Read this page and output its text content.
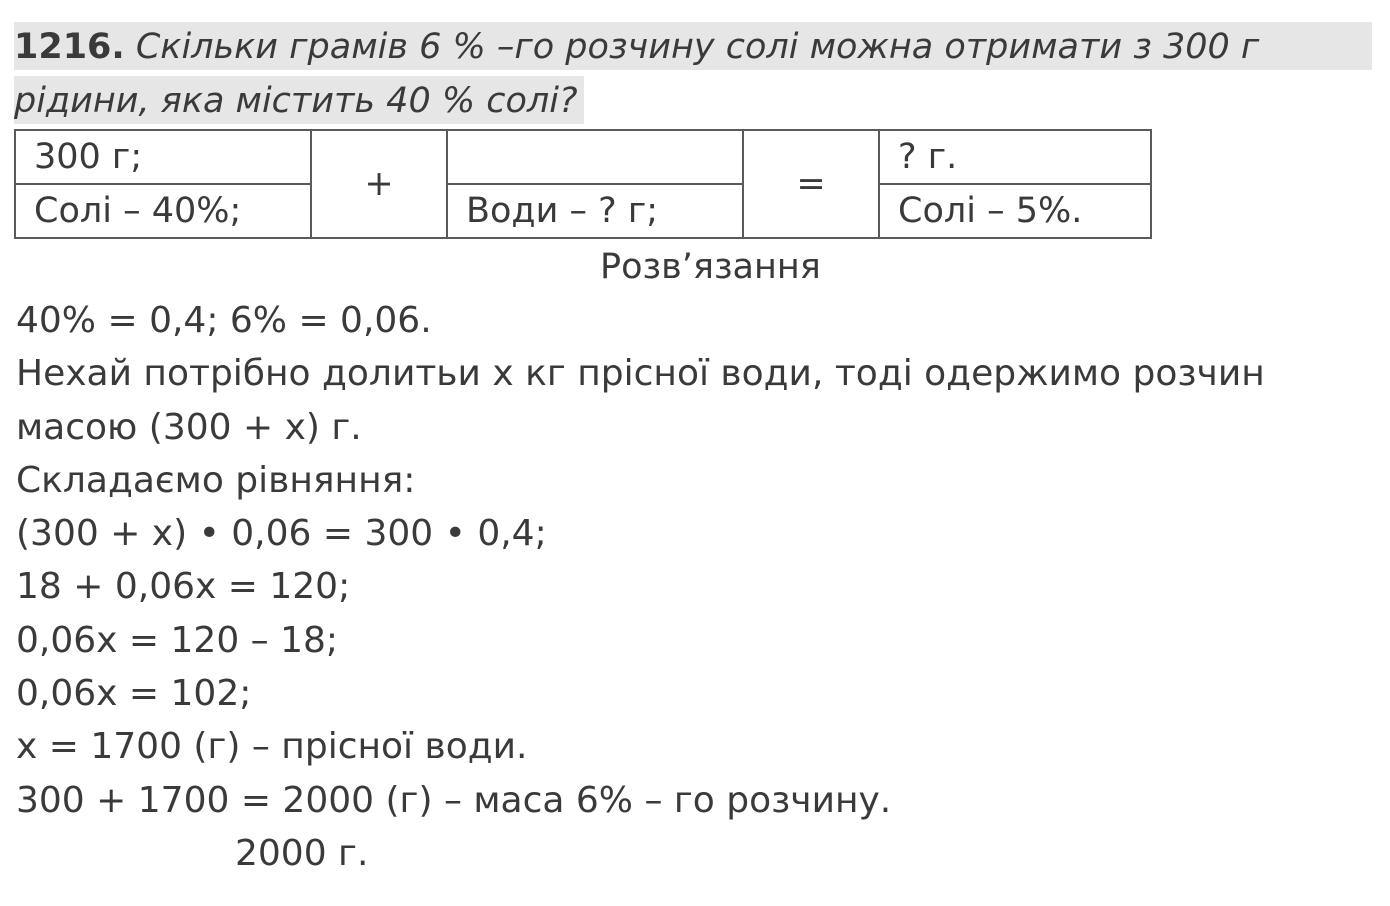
1216. Скільки грамів 6 % –го розчину солі можна отримати з 300 г
рідини, яка містить 40 % солі?
300 г;	+		=	? г.
Солі – 40%;		Води – ? г;		Солі – 5%.
Розв’язання
40% = 0,4; 6% = 0,06.
Нехай потрібно долитьи х кг прісної води, тоді одержимо розчин
масою (300 + х) г.
Складаємо рівняння:
(300 + х) • 0,06 = 300 • 0,4;
18 + 0,06х = 120;
0,06х = 120 – 18;
0,06х = 102;
х = 1700 (г) – прісної води.
300 + 1700 = 2000 (г) – маса 6% – го розчину.
2000 г.
